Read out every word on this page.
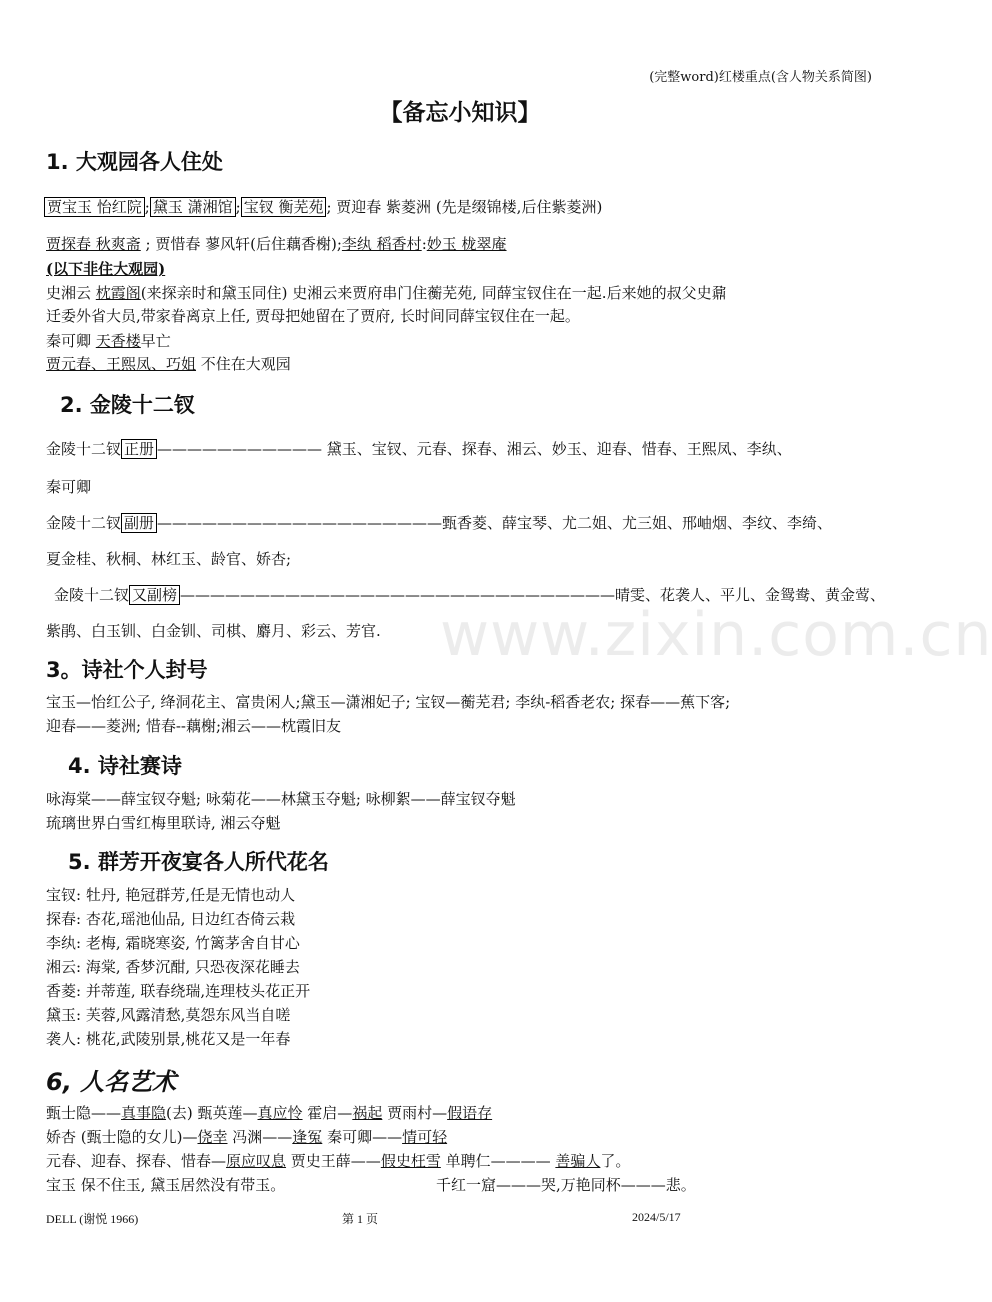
www.zixin.com.cn
(完整word)红楼重点(含人物关系简图)
【备忘小知识】
1. 大观园各人住处
贾宝玉 怡红院 ; 黛玉 潇湘馆 ; 宝钗 衡芜苑 ; 贾迎春 紫菱洲 (先是缀锦楼,后住紫菱洲)
贾探春 秋爽斋 ; 贾惜春 蓼风轩(后住藕香榭);李纨 稻香村:妙玉 栊翠庵
(以下非住大观园)
史湘云 枕霞阁(来探亲时和黛玉同住) 史湘云来贾府串门住蘅芜苑, 同薛宝钗住在一起.后来她的叔父史鼐
迁委外省大员,带家眷离京上任, 贾母把她留在了贾府, 长时间同薛宝钗住在一起。
秦可卿 天香楼早亡
贾元春、王熙凤、巧姐 不住在大观园
2. 金陵十二钗
金陵十二钗 正册 ——————————— 黛玉、宝钗、元春、探春、湘云、妙玉、迎春、惜春、王熙凤、李纨、
秦可卿
金陵十二钗 副册 ———————————————————甄香菱、薛宝琴、尤二姐、尤三姐、邢岫烟、李纹、李绮、
夏金桂、秋桐、林红玉、龄官、娇杏;
金陵十二钗 又副榜 —————————————————————————————晴雯、花袭人、平儿、金鸳鸯、黄金莺、
紫鹃、白玉钏、白金钏、司棋、麝月、彩云、芳官.
3。诗社个人封号
宝玉—怡红公子, 绛洞花主、富贵闲人;黛玉—潇湘妃子; 宝钗—蘅芜君; 李纨-稻香老农; 探春——蕉下客;
迎春——菱洲; 惜春--藕榭;湘云——枕霞旧友
4. 诗社赛诗
咏海棠——薛宝钗夺魁; 咏菊花——林黛玉夺魁; 咏柳絮——薛宝钗夺魁
琉璃世界白雪红梅里联诗, 湘云夺魁
5. 群芳开夜宴各人所代花名
宝钗: 牡丹, 艳冠群芳,任是无情也动人
探春: 杏花,瑶池仙品, 日边红杏倚云栽
李纨: 老梅, 霜晓寒姿, 竹篱茅舍自甘心
湘云: 海棠, 香梦沉酣, 只恐夜深花睡去
香菱: 并蒂莲, 联春绕瑞,连理枝头花正开
黛玉: 芙蓉,风露清愁,莫怨东风当自嗟
袭人: 桃花,武陵别景,桃花又是一年春
6, 人名艺术
甄士隐——真事隐(去) 甄英莲—真应怜 霍启—祸起 贾雨村—假语存
娇杏 (甄士隐的女儿)—侥幸 冯渊——逢冤 秦可卿——情可轻
元春、迎春、探春、惜春—原应叹息 贾史王薛——假史枉雪 单聘仁———— 善骗人了。
宝玉 保不住玉, 黛玉居然没有带玉。	千红一窟———哭,万艳同杯———悲。
DELL (谢悦 1966)	第 1 页	2024/5/17
